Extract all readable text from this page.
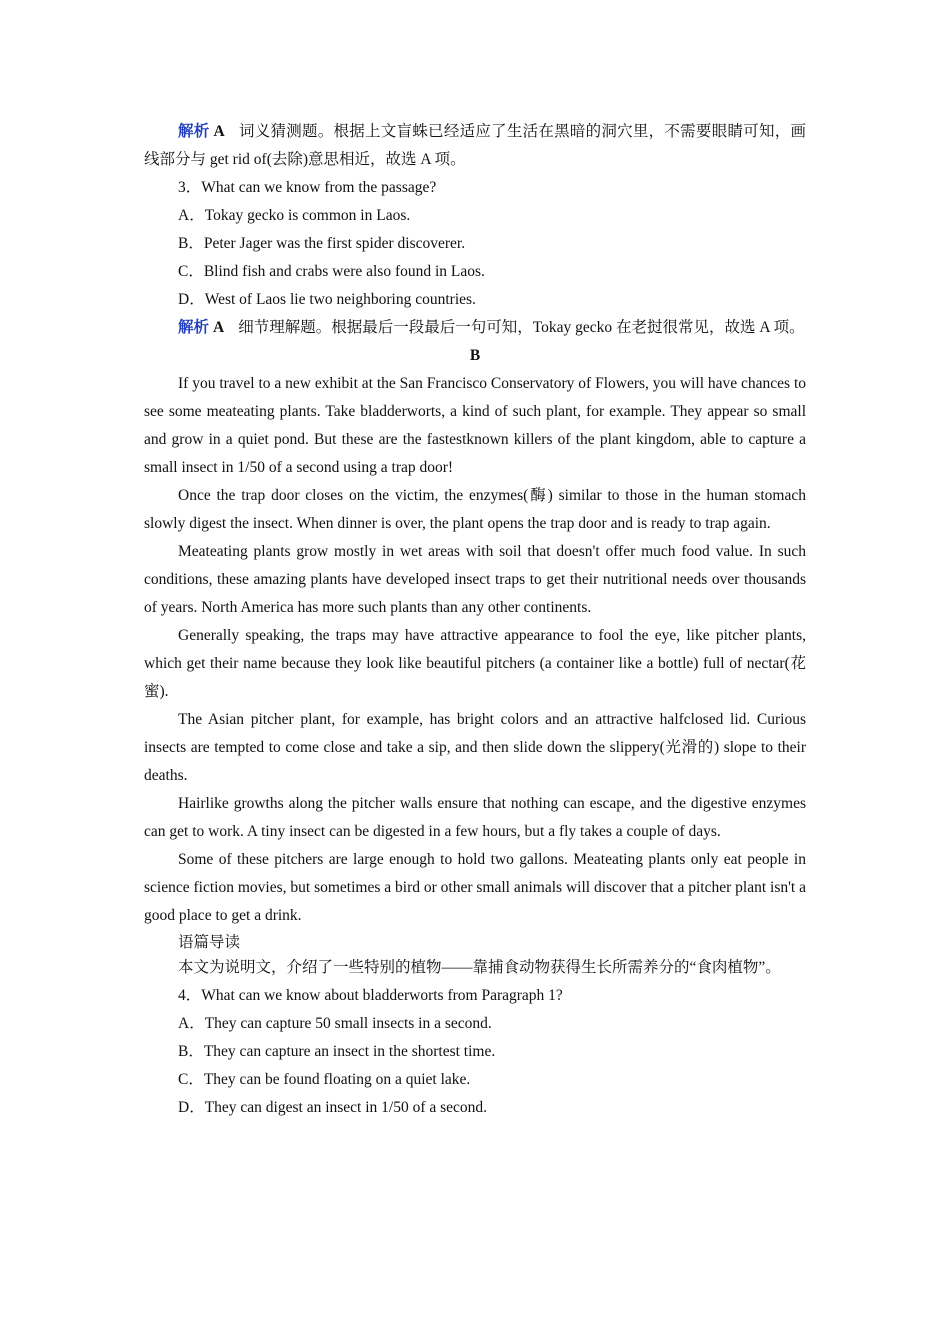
解析 A 词义猜测题。根据上文盲蛛已经适应了生活在黑暗的洞穴里，不需要眼睛可知，画线部分与 get rid of(去除)意思相近，故选 A 项。

3．What can we know from the passage?

A．Tokay gecko is common in Laos.

B．Peter Jager was the first spider discoverer.

C．Blind fish and crabs were also found in Laos.

D．West of Laos lie two neighboring countries.

解析 A 细节理解题。根据最后一段最后一句可知，Tokay gecko 在老挝很常见，故选 A 项。

B

If you travel to a new exhibit at the San Francisco Conservatory of Flowers, you will have chances to see some meateating plants. Take bladderworts, a kind of such plant, for example. They appear so small and grow in a quiet pond. But these are the fastestknown killers of the plant kingdom, able to capture a small insect in 1/50 of a second using a trap door!

Once the trap door closes on the victim, the enzymes(酶) similar to those in the human stomach slowly digest the insect. When dinner is over, the plant opens the trap door and is ready to trap again.

Meateating plants grow mostly in wet areas with soil that doesn't offer much food value. In such conditions, these amazing plants have developed insect traps to get their nutritional needs over thousands of years. North America has more such plants than any other continents.

Generally speaking, the traps may have attractive appearance to fool the eye, like pitcher plants, which get their name because they look like beautiful pitchers (a container like a bottle) full of nectar(花蜜).

The Asian pitcher plant, for example, has bright colors and an attractive halfclosed lid. Curious insects are tempted to come close and take a sip, and then slide down the slippery(光滑的) slope to their deaths.

Hairlike growths along the pitcher walls ensure that nothing can escape, and the digestive enzymes can get to work. A tiny insect can be digested in a few hours, but a fly takes a couple of days.

Some of these pitchers are large enough to hold two gallons. Meateating plants only eat people in science fiction movies, but sometimes a bird or other small animals will discover that a pitcher plant isn't a good place to get a drink.

语篇导读

本文为说明文，介绍了一些特别的植物——靠捕食动物获得生长所需养分的“食肉植物”。

4．What can we know about bladderworts from Paragraph 1?

A．They can capture 50 small insects in a second.

B．They can capture an insect in the shortest time.

C．They can be found floating on a quiet lake.

D．They can digest an insect in 1/50 of a second.
